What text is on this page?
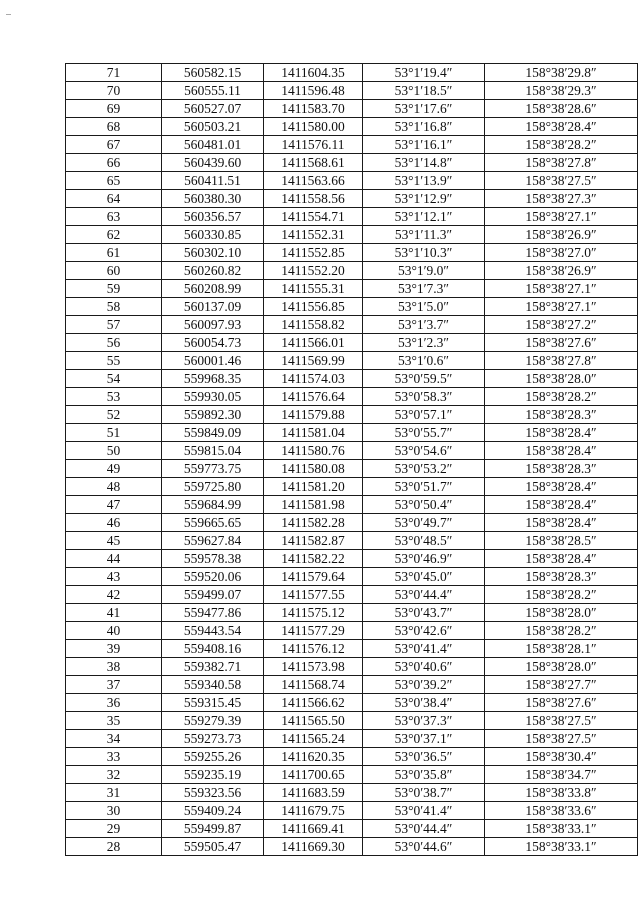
71	560582.15	1411604.35	53°1′19.4″	158°38′29.8″
70	560555.11	1411596.48	53°1′18.5″	158°38′29.3″
69	560527.07	1411583.70	53°1′17.6″	158°38′28.6″
68	560503.21	1411580.00	53°1′16.8″	158°38′28.4″
67	560481.01	1411576.11	53°1′16.1″	158°38′28.2″
66	560439.60	1411568.61	53°1′14.8″	158°38′27.8″
65	560411.51	1411563.66	53°1′13.9″	158°38′27.5″
64	560380.30	1411558.56	53°1′12.9″	158°38′27.3″
63	560356.57	1411554.71	53°1′12.1″	158°38′27.1″
62	560330.85	1411552.31	53°1′11.3″	158°38′26.9″
61	560302.10	1411552.85	53°1′10.3″	158°38′27.0″
60	560260.82	1411552.20	53°1′9.0″	158°38′26.9″
59	560208.99	1411555.31	53°1′7.3″	158°38′27.1″
58	560137.09	1411556.85	53°1′5.0″	158°38′27.1″
57	560097.93	1411558.82	53°1′3.7″	158°38′27.2″
56	560054.73	1411566.01	53°1′2.3″	158°38′27.6″
55	560001.46	1411569.99	53°1′0.6″	158°38′27.8″
54	559968.35	1411574.03	53°0′59.5″	158°38′28.0″
53	559930.05	1411576.64	53°0′58.3″	158°38′28.2″
52	559892.30	1411579.88	53°0′57.1″	158°38′28.3″
51	559849.09	1411581.04	53°0′55.7″	158°38′28.4″
50	559815.04	1411580.76	53°0′54.6″	158°38′28.4″
49	559773.75	1411580.08	53°0′53.2″	158°38′28.3″
48	559725.80	1411581.20	53°0′51.7″	158°38′28.4″
47	559684.99	1411581.98	53°0′50.4″	158°38′28.4″
46	559665.65	1411582.28	53°0′49.7″	158°38′28.4″
45	559627.84	1411582.87	53°0′48.5″	158°38′28.5″
44	559578.38	1411582.22	53°0′46.9″	158°38′28.4″
43	559520.06	1411579.64	53°0′45.0″	158°38′28.3″
42	559499.07	1411577.55	53°0′44.4″	158°38′28.2″
41	559477.86	1411575.12	53°0′43.7″	158°38′28.0″
40	559443.54	1411577.29	53°0′42.6″	158°38′28.2″
39	559408.16	1411576.12	53°0′41.4″	158°38′28.1″
38	559382.71	1411573.98	53°0′40.6″	158°38′28.0″
37	559340.58	1411568.74	53°0′39.2″	158°38′27.7″
36	559315.45	1411566.62	53°0′38.4″	158°38′27.6″
35	559279.39	1411565.50	53°0′37.3″	158°38′27.5″
34	559273.73	1411565.24	53°0′37.1″	158°38′27.5″
33	559255.26	1411620.35	53°0′36.5″	158°38′30.4″
32	559235.19	1411700.65	53°0′35.8″	158°38′34.7″
31	559323.56	1411683.59	53°0′38.7″	158°38′33.8″
30	559409.24	1411679.75	53°0′41.4″	158°38′33.6″
29	559499.87	1411669.41	53°0′44.4″	158°38′33.1″
28	559505.47	1411669.30	53°0′44.6″	158°38′33.1″
